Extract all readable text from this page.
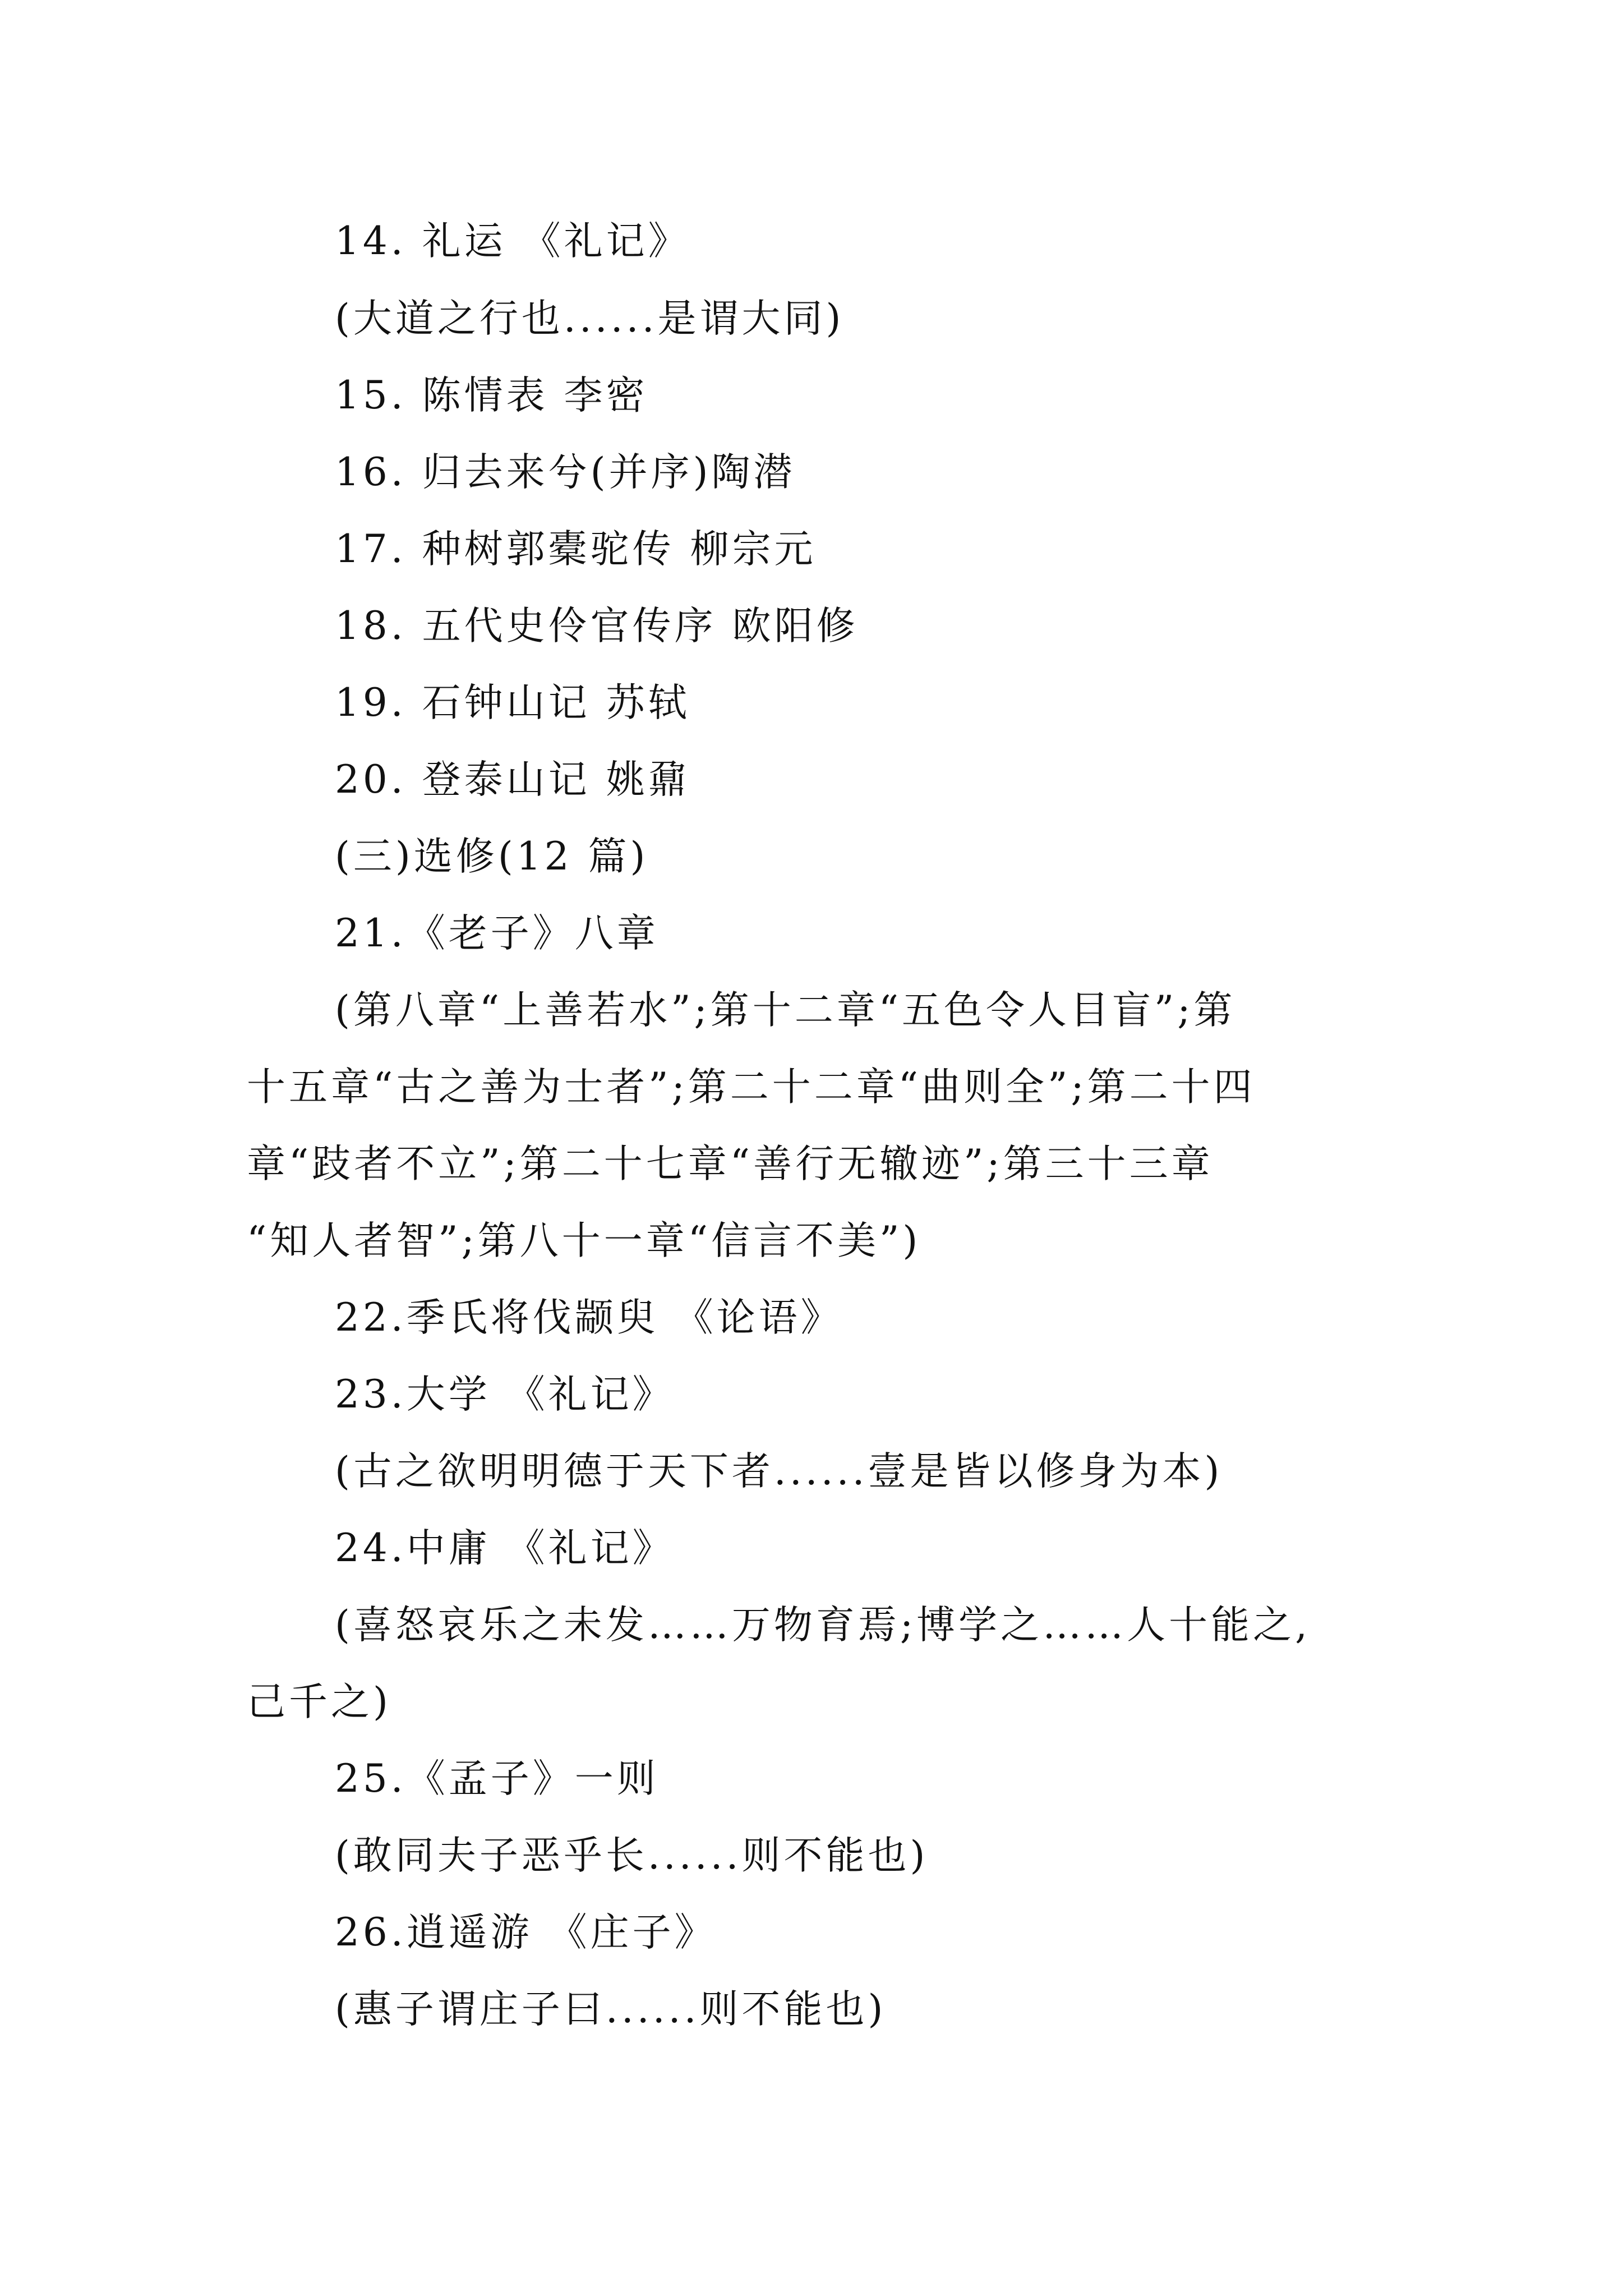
14. 礼运 《礼记》
(大道之行也......是谓大同)
15. 陈情表 李密
16. 归去来兮(并序)陶潜
17. 种树郭橐驼传 柳宗元
18. 五代史伶官传序 欧阳修
19. 石钟山记 苏轼
20. 登泰山记 姚鼐
(三)选修(12 篇)
21.《老子》八章
(第八章“上善若水”;第十二章“五色令人目盲”;第
十五章“古之善为士者”;第二十二章“曲则全”;第二十四
章“跂者不立”;第二十七章“善行无辙迹”;第三十三章
“知人者智”;第八十一章“信言不美”)
22.季氏将伐颛臾 《论语》
23.大学 《礼记》
(古之欲明明德于天下者......壹是皆以修身为本)
24.中庸 《礼记》
(喜怒哀乐之未发……万物育焉;博学之……人十能之,
己千之)
25.《孟子》一则
(敢同夫子恶乎长......则不能也)
26.逍遥游 《庄子》
(惠子谓庄子曰......则不能也)
